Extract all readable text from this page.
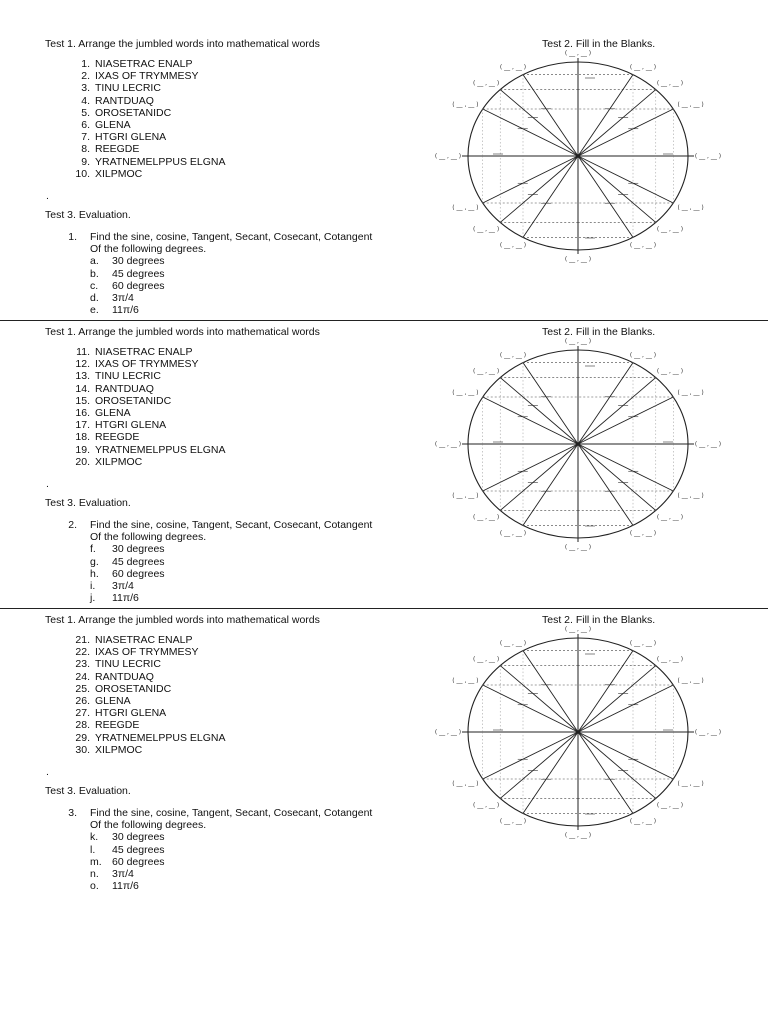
Test 1. Arrange the jumbled words into mathematical words	Test 2. Fill in the Blanks.
1. NIASETRAC ENALP
2. IXAS OF TRYMMESY
3. TINU LECRIC
4. RANTDUAQ
5. OROSETANIDC
6. GLENA
7. HTGRI GLENA
8. REEGDE
9. YRATNEMELPPUS ELGNA
10. XILPMOC
.
Test 3. Evaluation.
1. Find the sine, cosine, Tangent, Secant, Cosecant, Cotangent
Of the following degrees.
a. 30 degrees
b. 45 degrees
c. 60 degrees
d. 3π/4
e. 11π/6
( __ , __ )
( __ , __ )
( __ , __ )
( __ , __ )
( __ , __ )
( __ , __ )
( __ , __ )
( __ , __ )
( __ , __ )
( __ , __ )
( __ , __ )
( __ , __ )
( __ , __ )
( __ , __ )
( __ , __ )
( __ , __ )
Test 1. Arrange the jumbled words into mathematical words	Test 2. Fill in the Blanks.
11. NIASETRAC ENALP
12. IXAS OF TRYMMESY
13. TINU LECRIC
14. RANTDUAQ
15. OROSETANIDC
16. GLENA
17. HTGRI GLENA
18. REEGDE
19. YRATNEMELPPUS ELGNA
20. XILPMOC
.
Test 3. Evaluation.
2. Find the sine, cosine, Tangent, Secant, Cosecant, Cotangent
Of the following degrees.
f. 30 degrees
g. 45 degrees
h. 60 degrees
i. 3π/4
j. 11π/6
( __ , __ )
( __ , __ )
( __ , __ )
( __ , __ )
( __ , __ )
( __ , __ )
( __ , __ )
( __ , __ )
( __ , __ )
( __ , __ )
( __ , __ )
( __ , __ )
( __ , __ )
( __ , __ )
( __ , __ )
( __ , __ )
Test 1. Arrange the jumbled words into mathematical words	Test 2. Fill in the Blanks.
21. NIASETRAC ENALP
22. IXAS OF TRYMMESY
23. TINU LECRIC
24. RANTDUAQ
25. OROSETANIDC
26. GLENA
27. HTGRI GLENA
28. REEGDE
29. YRATNEMELPPUS ELGNA
30. XILPMOC
.
Test 3. Evaluation.
3. Find the sine, cosine, Tangent, Secant, Cosecant, Cotangent
Of the following degrees.
k. 30 degrees
l. 45 degrees
m. 60 degrees
n. 3π/4
o. 11π/6
( __ , __ )
( __ , __ )
( __ , __ )
( __ , __ )
( __ , __ )
( __ , __ )
( __ , __ )
( __ , __ )
( __ , __ )
( __ , __ )
( __ , __ )
( __ , __ )
( __ , __ )
( __ , __ )
( __ , __ )
( __ , __ )
